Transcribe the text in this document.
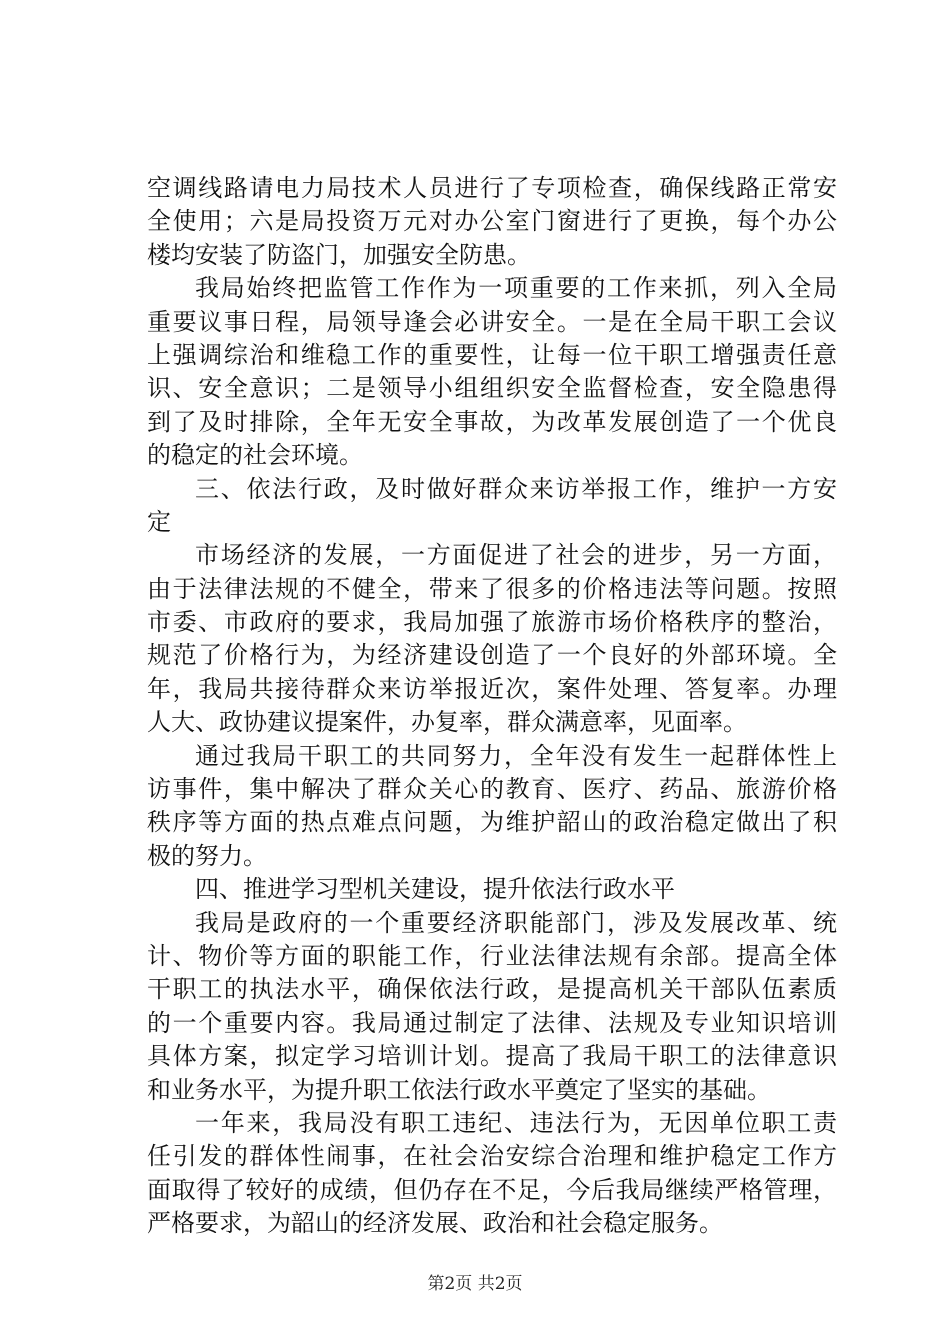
空调线路请电力局技术人员进行了专项检查，确保线路正常安
全使用；六是局投资万元对办公室门窗进行了更换，每个办公
楼均安装了防盗门，加强安全防患。
我局始终把监管工作作为一项重要的工作来抓，列入全局
重要议事日程，局领导逢会必讲安全。一是在全局干职工会议
上强调综治和维稳工作的重要性，让每一位干职工增强责任意
识、安全意识；二是领导小组组织安全监督检查，安全隐患得
到了及时排除，全年无安全事故，为改革发展创造了一个优良
的稳定的社会环境。
三、依法行政，及时做好群众来访举报工作，维护一方安
定
市场经济的发展，一方面促进了社会的进步，另一方面，
由于法律法规的不健全，带来了很多的价格违法等问题。按照
市委、市政府的要求，我局加强了旅游市场价格秩序的整治，
规范了价格行为，为经济建设创造了一个良好的外部环境。全
年，我局共接待群众来访举报近次，案件处理、答复率。办理
人大、政协建议提案件，办复率，群众满意率，见面率。
通过我局干职工的共同努力，全年没有发生一起群体性上
访事件，集中解决了群众关心的教育、医疗、药品、旅游价格
秩序等方面的热点难点问题，为维护韶山的政治稳定做出了积
极的努力。
四、推进学习型机关建设，提升依法行政水平
我局是政府的一个重要经济职能部门，涉及发展改革、统
计、物价等方面的职能工作，行业法律法规有余部。提高全体
干职工的执法水平，确保依法行政，是提高机关干部队伍素质
的一个重要内容。我局通过制定了法律、法规及专业知识培训
具体方案，拟定学习培训计划。提高了我局干职工的法律意识
和业务水平，为提升职工依法行政水平奠定了坚实的基础。
一年来，我局没有职工违纪、违法行为，无因单位职工责
任引发的群体性闹事，在社会治安综合治理和维护稳定工作方
面取得了较好的成绩，但仍存在不足，今后我局继续严格管理，
严格要求，为韶山的经济发展、政治和社会稳定服务。
第2页 共2页
